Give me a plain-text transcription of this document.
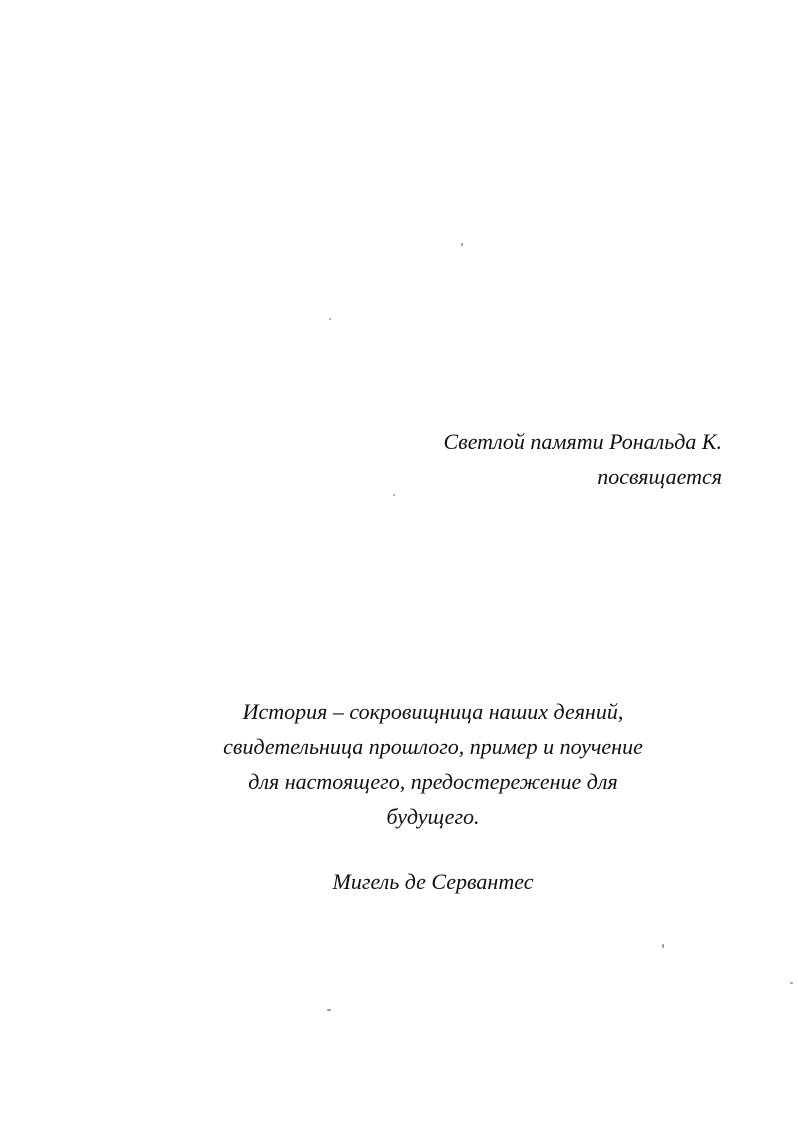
Светлой памяти Рональда К.
посвящается
История – сокровищница наших деяний,
свидетельница прошлого, пример и поучение
для настоящего, предостережение для
будущего.
Мигель де Сервантес
